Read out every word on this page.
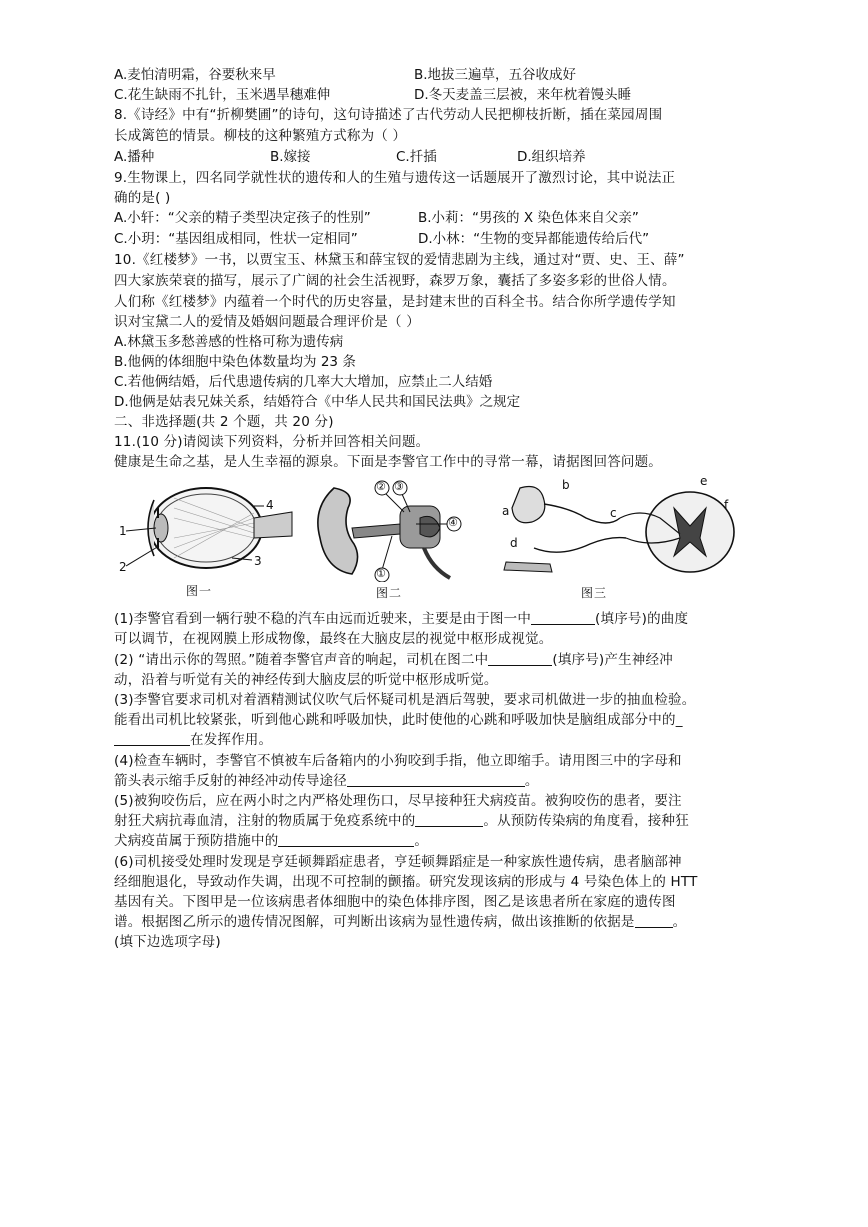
A.麦怕清明霜，谷要秋来早	B.地拔三遍草，五谷收成好
C.花生缺雨不扎针，玉米遇旱穗难伸	D.冬天麦盖三层被，来年枕着馒头睡
8.《诗经》中有“折柳樊圃”的诗句，这句诗描述了古代劳动人民把柳枝折断，插在菜园周围
长成篱笆的情景。柳枝的这种繁殖方式称为（ ）
A.播种	B.嫁接	C.扦插	D.组织培养
9.生物课上，四名同学就性状的遗传和人的生殖与遗传这一话题展开了激烈讨论，其中说法正
确的是( )
A.小轩：“父亲的精子类型决定孩子的性别”	B.小莉：“男孩的 X 染色体来自父亲”
C.小玥：“基因组成相同，性状一定相同”	D.小林：“生物的变异都能遗传给后代”
10.《红楼梦》一书，以贾宝玉、林黛玉和薛宝钗的爱情悲剧为主线，通过对“贾、史、王、薛”
四大家族荣衰的描写，展示了广阔的社会生活视野，森罗万象，囊括了多姿多彩的世俗人情。
人们称《红楼梦》内蕴着一个时代的历史容量，是封建末世的百科全书。结合你所学遗传学知
识对宝黛二人的爱情及婚姻问题最合理评价是（ ）
A.林黛玉多愁善感的性格可称为遗传病
B.他俩的体细胞中染色体数量均为 23 条
C.若他俩结婚，后代患遗传病的几率大大增加，应禁止二人结婚
D.他俩是姑表兄妹关系，结婚符合《中华人民共和国民法典》之规定
二、非选择题(共 2 个题，共 20 分)
11.(10 分)请阅读下列资料，分析并回答相关问题。
健康是生命之基，是人生幸福的源泉。下面是李警官工作中的寻常一幕，请据图回答问题。
1
2	3
4
图一
② ③
④
①
图二
a
b
c
d
e
f
图三
(1)李警官看到一辆行驶不稳的汽车由远而近驶来，主要是由于图一中	(填序号)的曲度
可以调节，在视网膜上形成物像，最终在大脑皮层的视觉中枢形成视觉。
(2) “请出示你的驾照。”随着李警官声音的响起，司机在图二中	(填序号)产生神经冲
动，沿着与听觉有关的神经传到大脑皮层的听觉中枢形成听觉。
(3)李警官要求司机对着酒精测试仪吹气后怀疑司机是酒后驾驶，要求司机做进一步的抽血检验。
能看出司机比较紧张，听到他心跳和呼吸加快，此时使他的心跳和呼吸加快是脑组成部分中的_
在发挥作用。
(4)检查车辆时，李警官不慎被车后备箱内的小狗咬到手指，他立即缩手。请用图三中的字母和
箭头表示缩手反射的神经冲动传导途径	。
(5)被狗咬伤后，应在两小时之内严格处理伤口，尽早接种狂犬病疫苗。被狗咬伤的患者，要注
射狂犬病抗毒血清，注射的物质属于免疫系统中的	。从预防传染病的角度看，接种狂
犬病疫苗属于预防措施中的	。
(6)司机接受处理时发现是亨廷顿舞蹈症患者，亨廷顿舞蹈症是一种家族性遗传病，患者脑部神
经细胞退化，导致动作失调，出现不可控制的颤搐。研究发现该病的形成与 4 号染色体上的 HTT
基因有关。下图甲是一位该病患者体细胞中的染色体排序图，图乙是该患者所在家庭的遗传图
谱。根据图乙所示的遗传情况图解，可判断出该病为显性遗传病，做出该推断的依据是	。
(填下边选项字母)
